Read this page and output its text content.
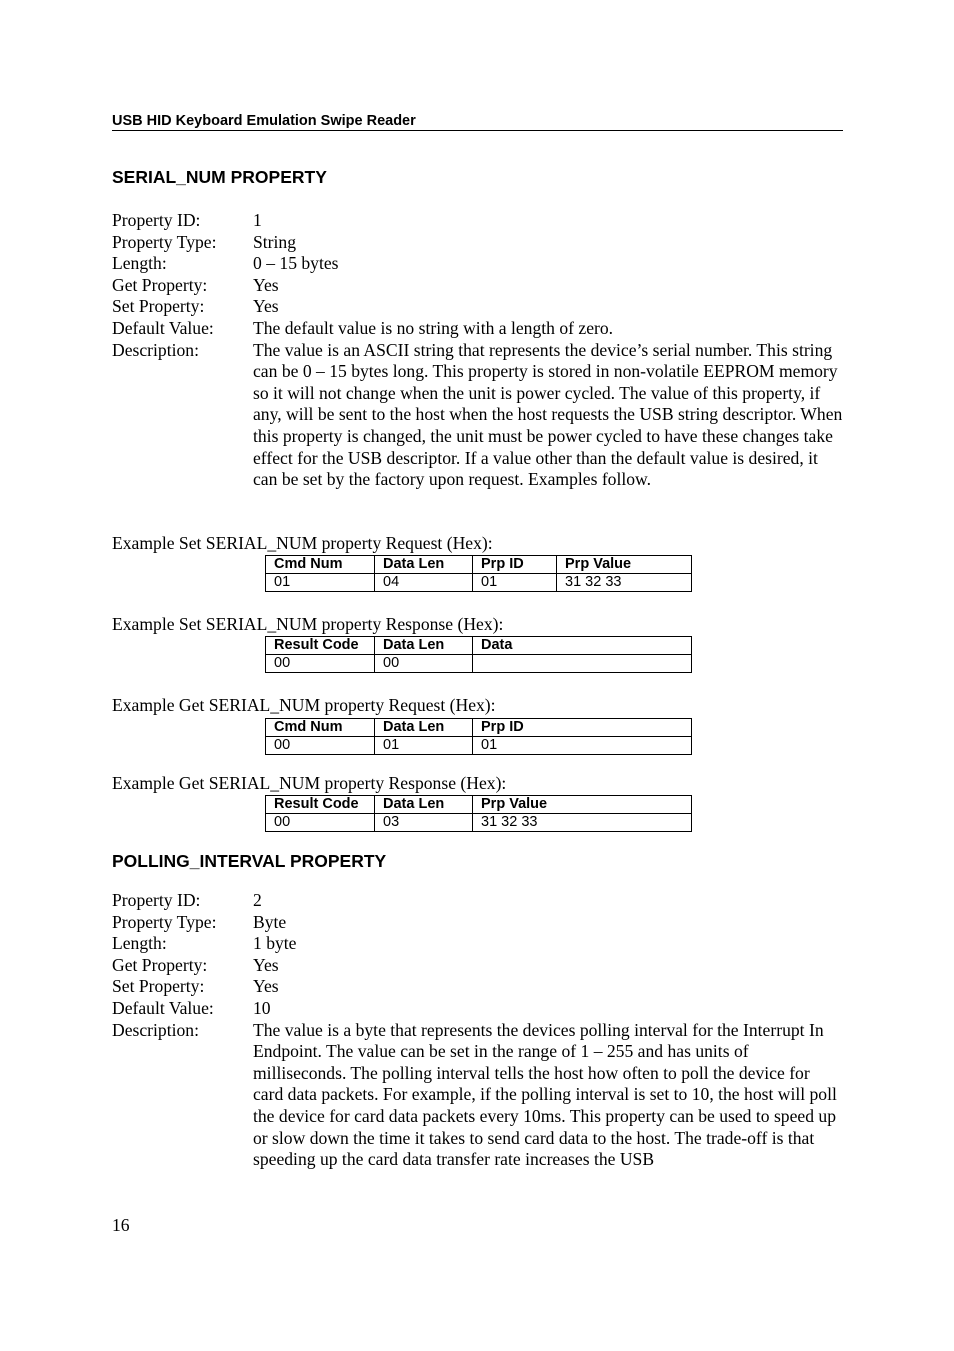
USB HID Keyboard Emulation Swipe Reader
SERIAL_NUM PROPERTY
Property ID:	1
Property Type:	String
Length:	0 – 15 bytes
Get Property:	Yes
Set Property:	Yes
Default Value:	The default value is no string with a length of zero.
Description:	The value is an ASCII string that represents the device’s serial number. This string can be 0 – 15 bytes long. This property is stored in non-volatile EEPROM memory so it will not change when the unit is power cycled. The value of this property, if any, will be sent to the host when the host requests the USB string descriptor. When this property is changed, the unit must be power cycled to have these changes take effect for the USB descriptor. If a value other than the default value is desired, it can be set by the factory upon request. Examples follow.
Example Set SERIAL_NUM property Request (Hex):
Cmd Num	Data Len	Prp ID	Prp Value
01	04	01	31 32 33
Example Set SERIAL_NUM property Response (Hex):
Result Code	Data Len	Data
00	00	
Example Get SERIAL_NUM property Request (Hex):
Cmd Num	Data Len	Prp ID
00	01	01
Example Get SERIAL_NUM property Response (Hex):
Result Code	Data Len	Prp Value
00	03	31 32 33
POLLING_INTERVAL PROPERTY
Property ID:	2
Property Type:	Byte
Length:	1 byte
Get Property:	Yes
Set Property:	Yes
Default Value:	10
Description:	The value is a byte that represents the devices polling interval for the Interrupt In Endpoint. The value can be set in the range of 1 – 255 and has units of milliseconds. The polling interval tells the host how often to poll the device for card data packets. For example, if the polling interval is set to 10, the host will poll the device for card data packets every 10ms. This property can be used to speed up or slow down the time it takes to send card data to the host. The trade-off is that speeding up the card data transfer rate increases the USB
16
